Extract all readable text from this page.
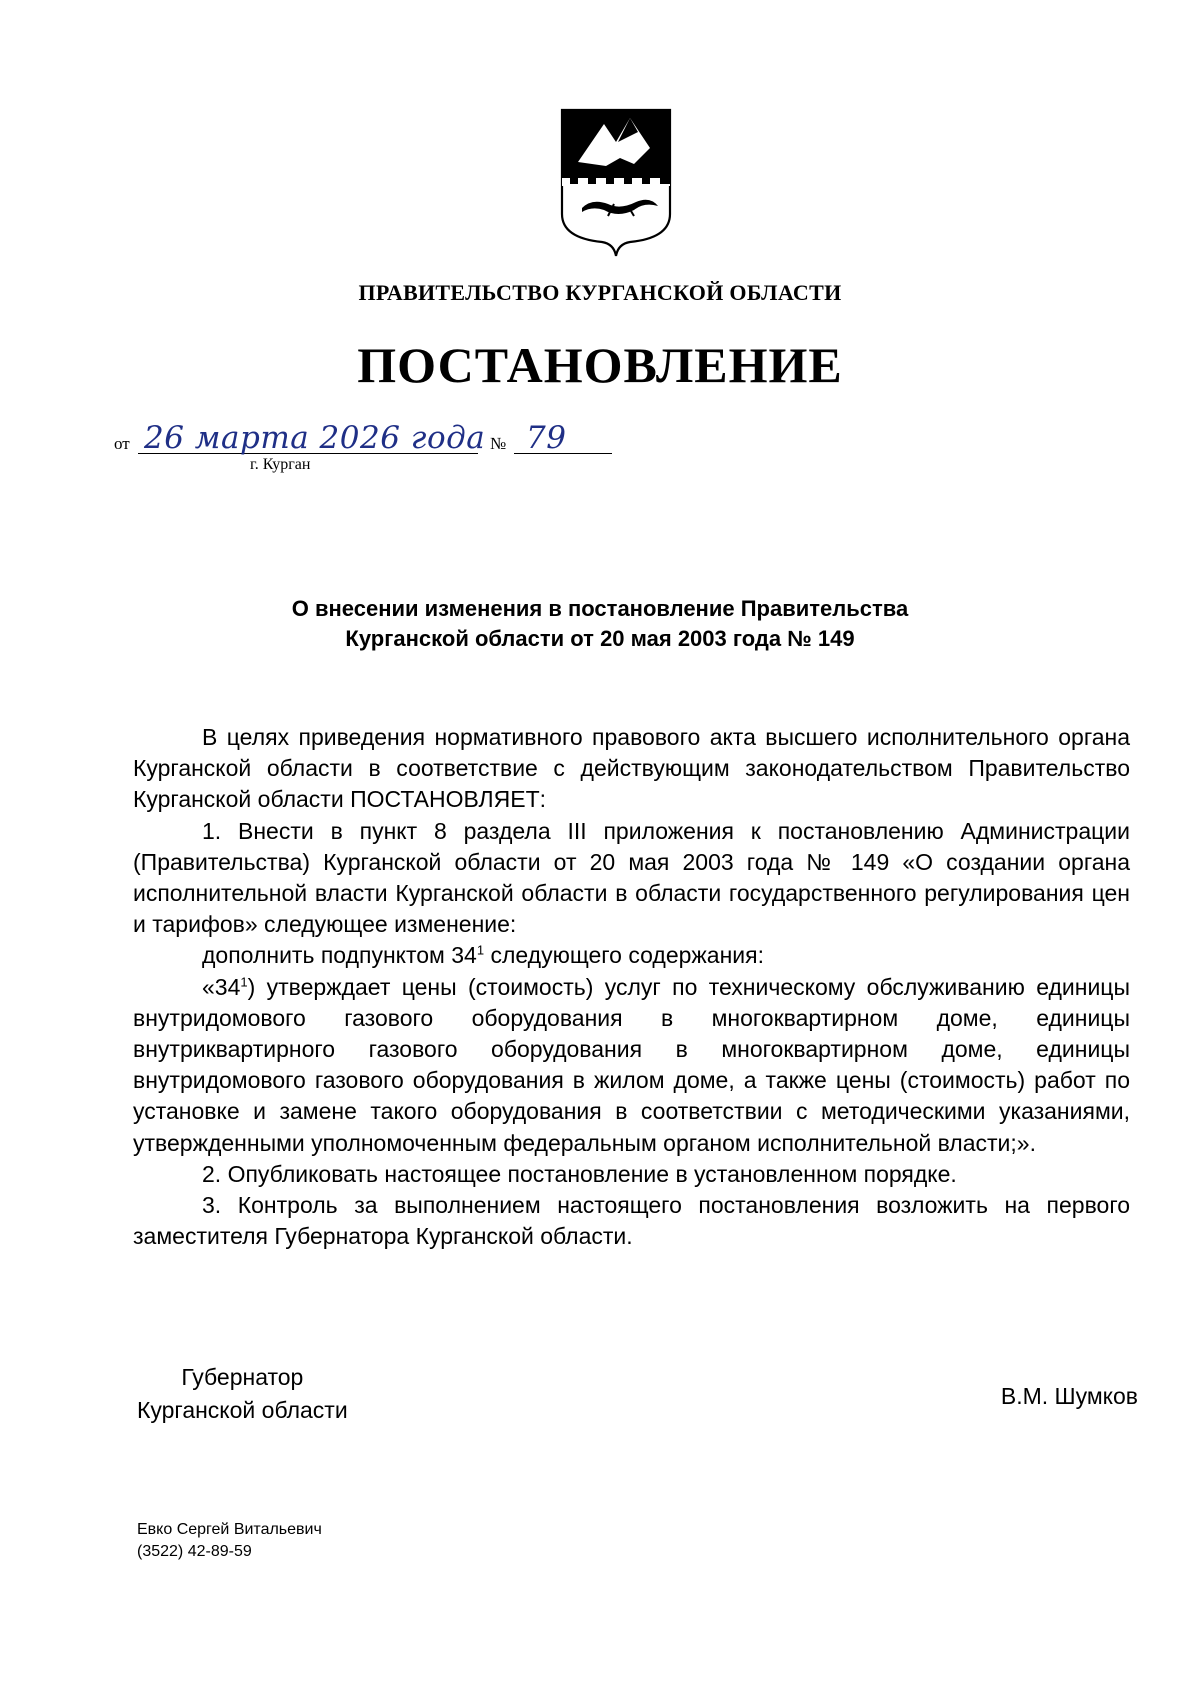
ПРАВИТЕЛЬСТВО КУРГАНСКОЙ ОБЛАСТИ
ПОСТАНОВЛЕНИЕ
от 26 марта 2026 года № 79
г. Курган
О внесении изменения в постановление Правительства
Курганской области от 20 мая 2003 года № 149

В целях приведения нормативного правового акта высшего исполнительного органа Курганской области в соответствие с действующим законодательством Правительство Курганской области ПОСТАНОВЛЯЕТ:

1. Внести в пункт 8 раздела III приложения к постановлению Администрации (Правительства) Курганской области от 20 мая 2003 года № 149 «О создании органа исполнительной власти Курганской области в области государственного регулирования цен и тарифов» следующее изменение:

дополнить подпунктом $34^1$ следующего содержания:

«$34^1$) утверждает цены (стоимость) услуг по техническому обслуживанию единицы внутридомового газового оборудования в многоквартирном доме, единицы внутриквартирного газового оборудования в многоквартирном доме, единицы внутридомового газового оборудования в жилом доме, а также цены (стоимость) работ по установке и замене такого оборудования в соответствии с методическими указаниями, утвержденными уполномоченным федеральным органом исполнительной власти;».

2. Опубликовать настоящее постановление в установленном порядке.

3. Контроль за выполнением настоящего постановления возложить на первого заместителя Губернатора Курганской области.

Губернатор
Курганской области
В.М. Шумков
Евко Сергей Витальевич
(3522) 42-89-59
